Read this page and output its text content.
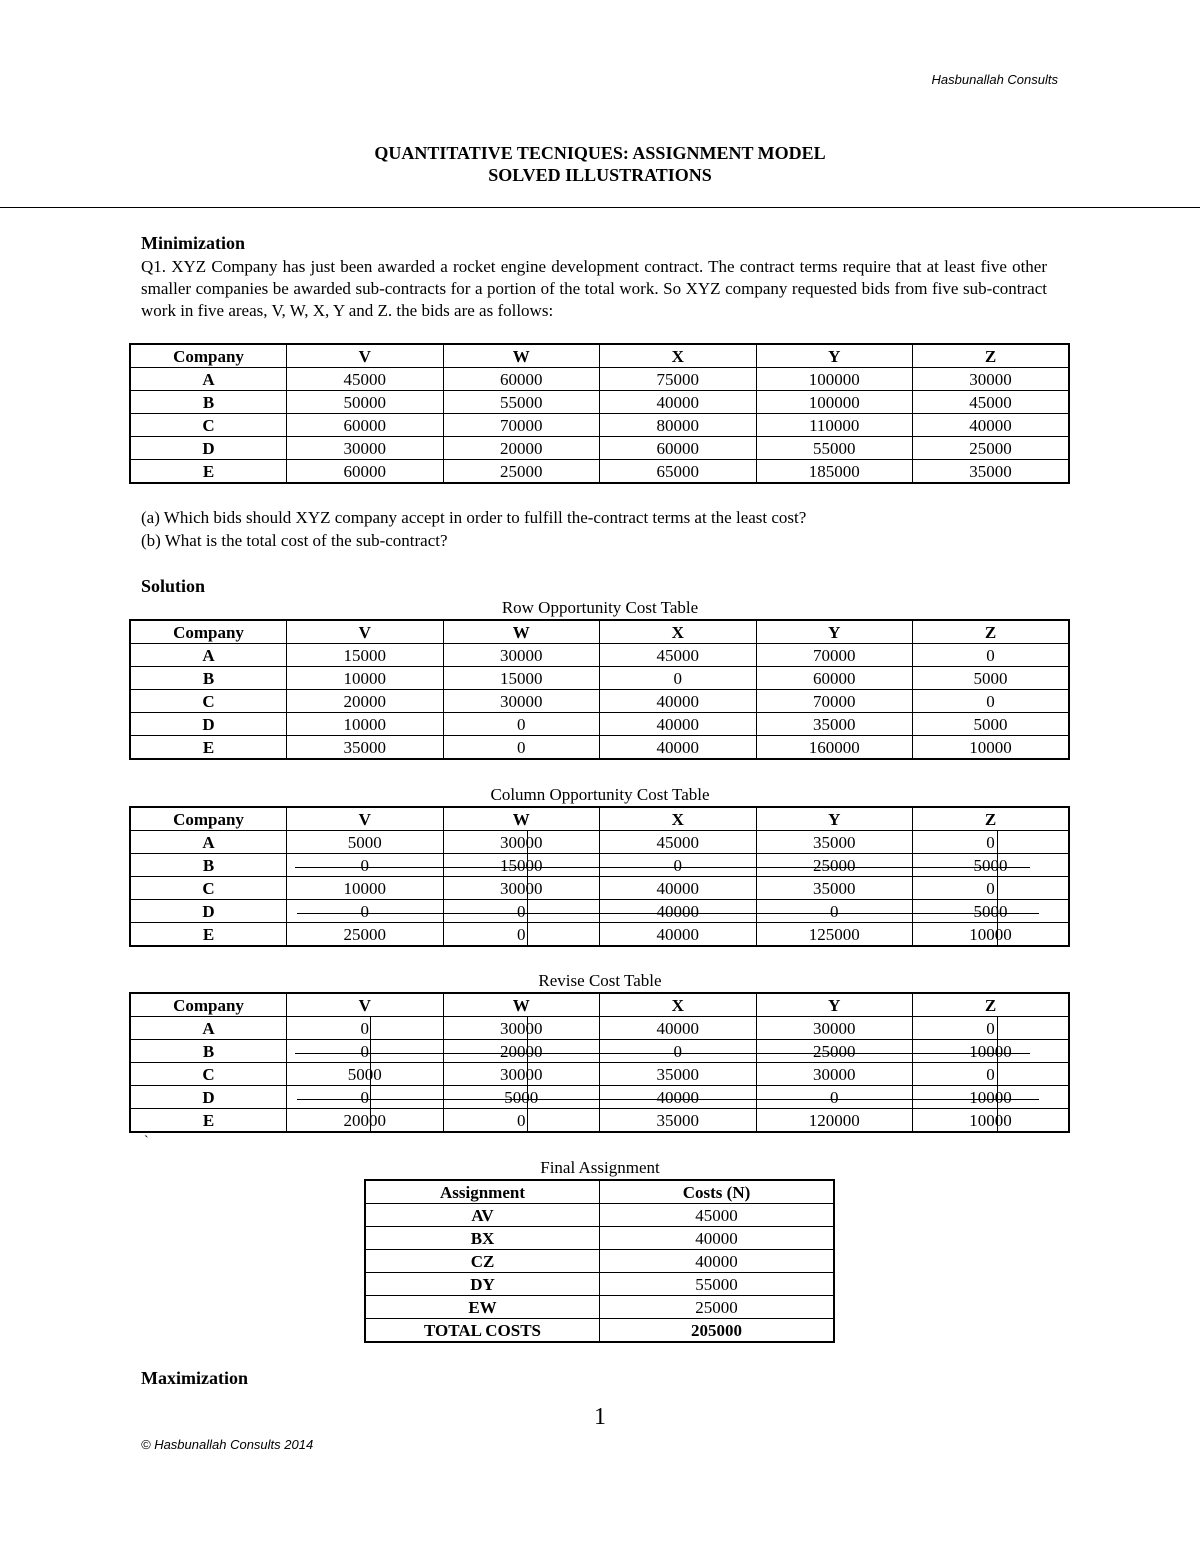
Hasbunallah Consults
QUANTITATIVE TECNIQUES: ASSIGNMENT MODEL
SOLVED ILLUSTRATIONS
Minimization
Q1. XYZ Company has just been awarded a rocket engine development contract. The contract terms require that at least five other smaller companies be awarded sub-contracts for a portion of the total work. So XYZ company requested bids from five sub-contract work in five areas, V, W, X, Y and Z. the bids are as follows:
Company	V	W	X	Y	Z
A	45000	60000	75000	100000	30000
B	50000	55000	40000	100000	45000
C	60000	70000	80000	110000	40000
D	30000	20000	60000	55000	25000
E	60000	25000	65000	185000	35000
(a) Which bids should XYZ company accept in order to fulfill the-contract terms at the least cost?
(b) What is the total cost of the sub-contract?
Solution
Row Opportunity Cost Table
Company	V	W	X	Y	Z
A	15000	30000	45000	70000	0
B	10000	15000	0	60000	5000
C	20000	30000	40000	70000	0
D	10000	0	40000	35000	5000
E	35000	0	40000	160000	10000
Column Opportunity Cost Table
Company	V	W	X	Y	Z
A	5000	30000	45000	35000	0
B	0	15000	0	25000	5000
C	10000	30000	40000	35000	0
D	0	0	40000	0	5000
E	25000	0	40000	125000	10000
Revise Cost Table
Company	V	W	X	Y	Z
A	0	30000	40000	30000	0
B	0	20000	0	25000	10000
C	5000	30000	35000	30000	0
D	0	5000	40000	0	10000
E	20000	0	35000	120000	10000
`
Final Assignment
Assignment	Costs (N)
AV	45000
BX	40000
CZ	40000
DY	55000
EW	25000
TOTAL COSTS	205000
Maximization
1
© Hasbunallah Consults 2014
